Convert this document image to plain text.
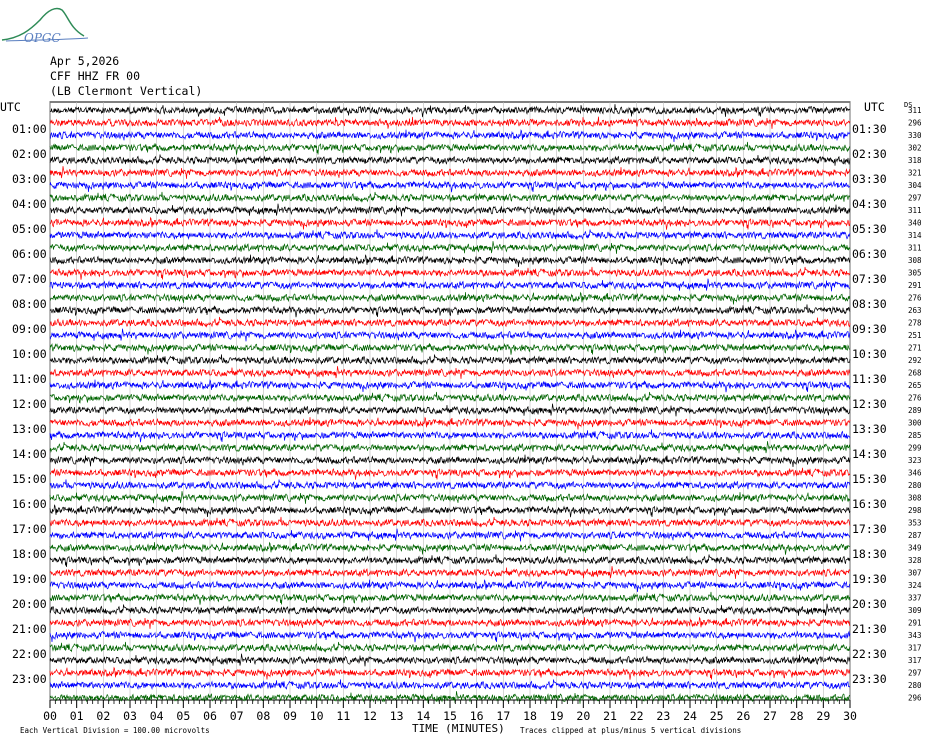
OPGC
Apr 5,2026
CFF HHZ FR 00
(LB Clermont Vertical)
UTC	UTC	DS
01:00
02:00
03:00
04:00
05:00
06:00
07:00
08:00
09:00
10:00
11:00
12:00
13:00
14:00
15:00
16:00
17:00
18:00
19:00
20:00
21:00
22:00
23:00
01:30
02:30
03:30
04:30
05:30
06:30
07:30
08:30
09:30
10:30
11:30
12:30
13:30
14:30
15:30
16:30
17:30
18:30
19:30
20:30
21:30
22:30
23:30
311
296
330
302
318
321
304
297
311
340
314
311
308
305
291
276
263
278
251
271
292
268
265
276
289
300
285
299
323
346
280
308
298
353
287
349
328
307
324
337
309
291
343
317
317
297
280
296
00 01 02 03 04 05 06 07 08 09 10 11 12 13 14 15 16 17 18 19 20 21 22 23 24 25 26 27 28 29 30
TIME (MINUTES)
Each Vertical Division = 100.00 microvolts	Traces clipped at plus/minus 5 vertical divisions
